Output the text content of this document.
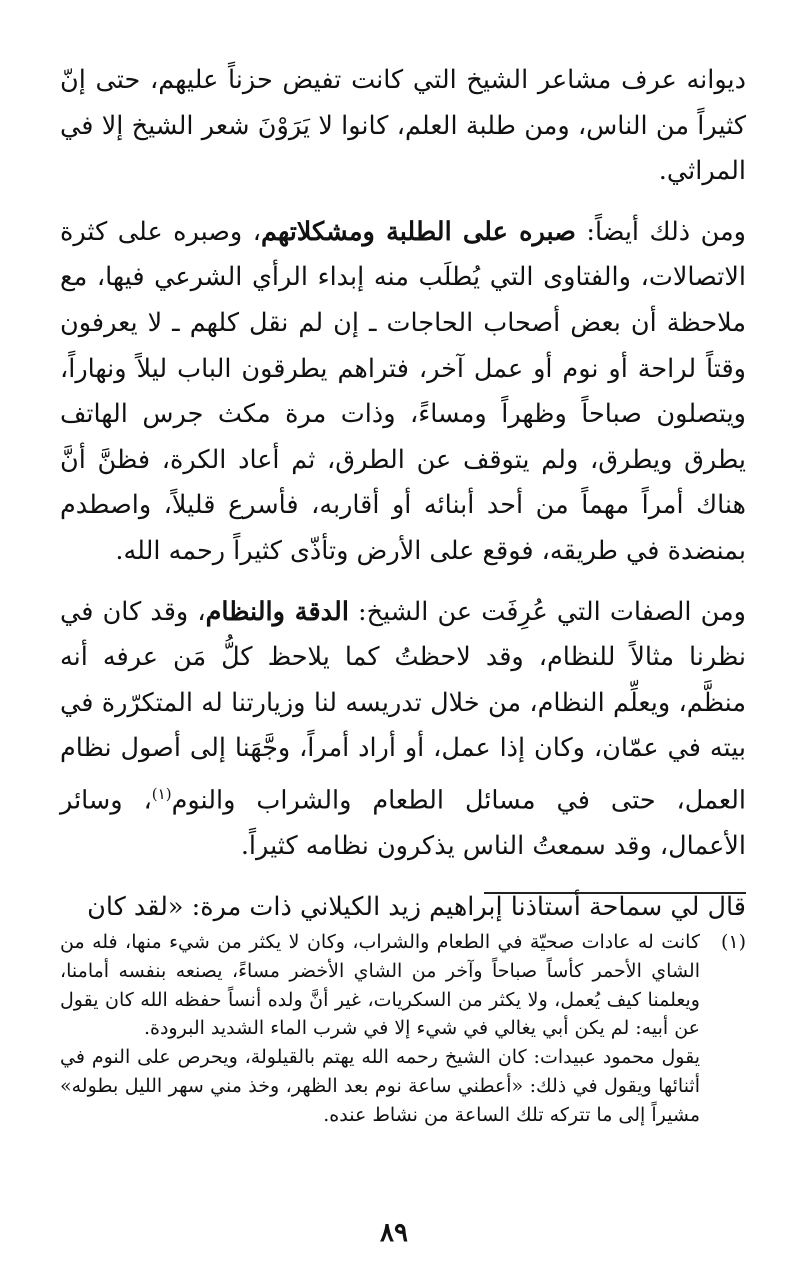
ديوانه عرف مشاعر الشيخ التي كانت تفيض حزناً عليهم، حتى إنّ كثيراً من الناس، ومن طلبة العلم، كانوا لا يَرَوْنَ شعر الشيخ إلا في المراثي.

ومن ذلك أيضاً: صبره على الطلبة ومشكلاتهم، وصبره على كثرة الاتصالات، والفتاوى التي يُطلَب منه إبداء الرأي الشرعي فيها، مع ملاحظة أن بعض أصحاب الحاجات ـ إن لم نقل كلهم ـ لا يعرفون وقتاً لراحة أو نوم أو عمل آخر، فتراهم يطرقون الباب ليلاً ونهاراً، ويتصلون صباحاً وظهراً ومساءً، وذات مرة مكث جرس الهاتف يطرق ويطرق، ولم يتوقف عن الطرق، ثم أعاد الكرة، فظنَّ أنَّ هناك أمراً مهماً من أحد أبنائه أو أقاربه، فأسرع قليلاً، واصطدم بمنضدة في طريقه، فوقع على الأرض وتأذّى كثيراً رحمه الله.

ومن الصفات التي عُرِفَت عن الشيخ: الدقة والنظام، وقد كان في نظرنا مثالاً للنظام، وقد لاحظتُ كما يلاحظ كلُّ مَن عرفه أنه منظَّم، ويعلِّم النظام، من خلال تدريسه لنا وزيارتنا له المتكرّرة في بيته في عمّان، وكان إذا عمل، أو أراد أمراً، وجَّهَنا إلى أصول نظام العمل، حتى في مسائل الطعام والشراب والنوم$^{(١)}$، وسائر الأعمال، وقد سمعتُ الناس يذكرون نظامه كثيراً.

قال لي سماحة أستاذنا إبراهيم زيد الكيلاني ذات مرة: «لقد كان

(١)

كانت له عادات صحيّة في الطعام والشراب، وكان لا يكثر من شيء منها، فله من الشاي الأحمر كأساً صباحاً وآخر من الشاي الأخضر مساءً، يصنعه بنفسه أمامنا، ويعلمنا كيف يُعمل، ولا يكثر من السكريات، غير أنَّ ولده أنساً حفظه الله كان يقول عن أبيه: لم يكن أبي يغالي في شيء إلا في شرب الماء الشديد البرودة.

يقول محمود عبيدات: كان الشيخ رحمه الله يهتم بالقيلولة، ويحرص على النوم في أثنائها ويقول في ذلك: «أعطني ساعة نوم بعد الظهر، وخذ مني سهر الليل بطوله» مشيراً إلى ما تتركه تلك الساعة من نشاط عنده.

٨٩
